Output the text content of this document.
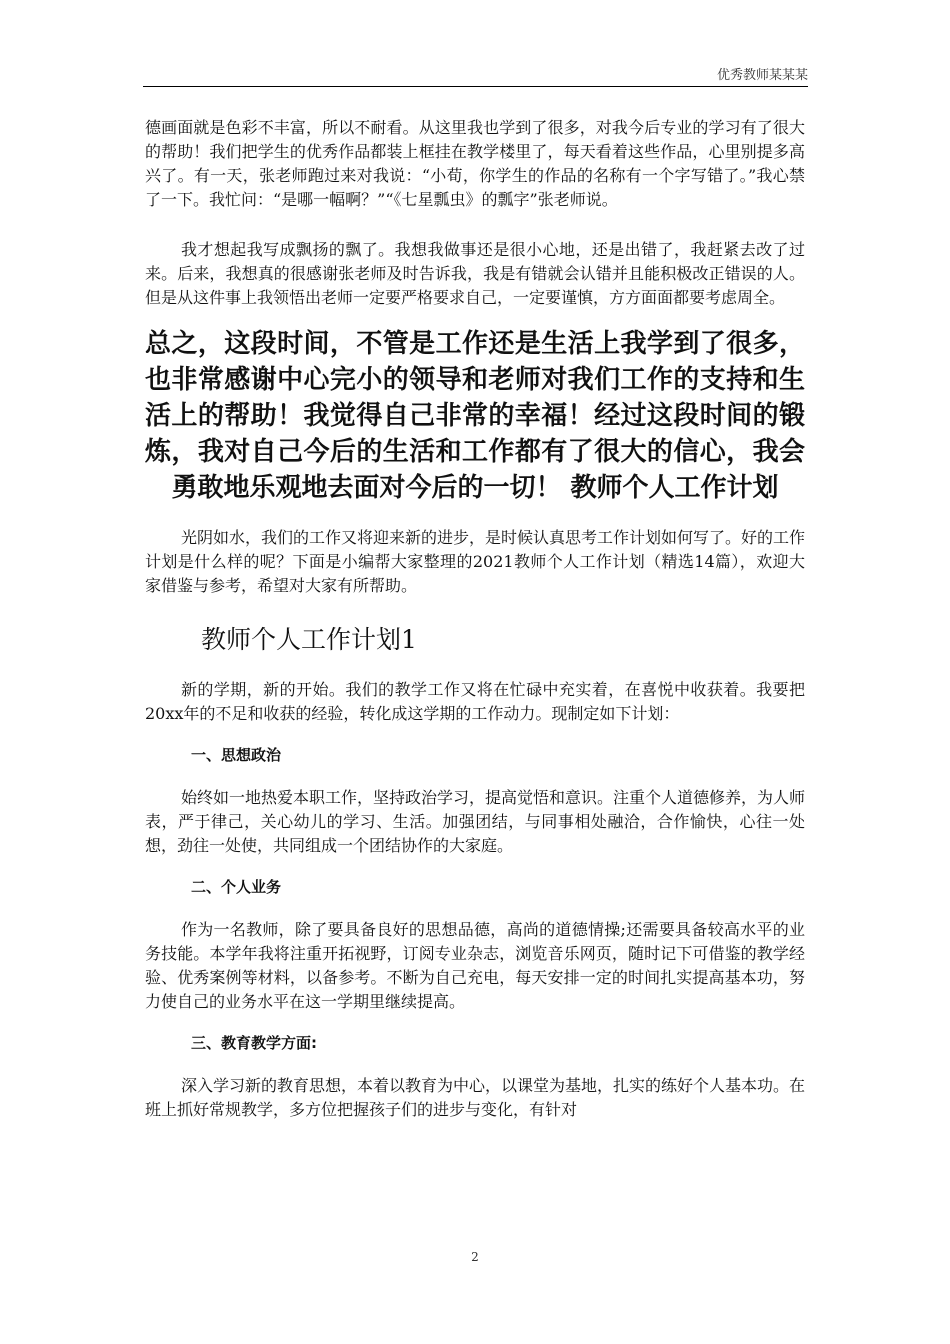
优秀教师某某某

德画面就是色彩不丰富，所以不耐看。从这里我也学到了很多，对我今后专业的学习有了很大的帮助！我们把学生的优秀作品都装上框挂在教学楼里了，每天看着这些作品，心里别提多高兴了。有一天，张老师跑过来对我说：“小荀，你学生的作品的名称有一个字写错了。”我心禁了一下。我忙问：“是哪一幅啊？”“《七星瓢虫》的瓢字”张老师说。

我才想起我写成飘扬的飘了。我想我做事还是很小心地，还是出错了，我赶紧去改了过来。后来，我想真的很感谢张老师及时告诉我，我是有错就会认错并且能积极改正错误的人。但是从这件事上我领悟出老师一定要严格要求自己，一定要谨慎，方方面面都要考虑周全。

总之，这段时间，不管是工作还是生活上我学到了很多，也非常感谢中心完小的领导和老师对我们工作的支持和生活上的帮助！我觉得自己非常的幸福！经过这段时间的锻炼，我对自己今后的生活和工作都有了很大的信心，我会勇敢地乐观地去面对今后的一切！ 教师个人工作计划

光阴如水，我们的工作又将迎来新的进步，是时候认真思考工作计划如何写了。好的工作计划是什么样的呢？下面是小编帮大家整理的2021教师个人工作计划（精选14篇），欢迎大家借鉴与参考，希望对大家有所帮助。

教师个人工作计划1

新的学期，新的开始。我们的教学工作又将在忙碌中充实着，在喜悦中收获着。我要把20xx年的不足和收获的经验，转化成这学期的工作动力。现制定如下计划：

一、思想政治

始终如一地热爱本职工作，坚持政治学习，提高觉悟和意识。注重个人道德修养，为人师表，严于律己，关心幼儿的学习、生活。加强团结，与同事相处融洽，合作愉快，心往一处想，劲往一处使，共同组成一个团结协作的大家庭。

二、个人业务

作为一名教师，除了要具备良好的思想品德，高尚的道德情操;还需要具备较高水平的业务技能。本学年我将注重开拓视野，订阅专业杂志，浏览音乐网页，随时记下可借鉴的教学经验、优秀案例等材料，以备参考。不断为自己充电，每天安排一定的时间扎实提高基本功，努力使自己的业务水平在这一学期里继续提高。

三、教育教学方面:

深入学习新的教育思想，本着以教育为中心，以课堂为基地，扎实的练好个人基本功。在班上抓好常规教学，多方位把握孩子们的进步与变化，有针对

2
